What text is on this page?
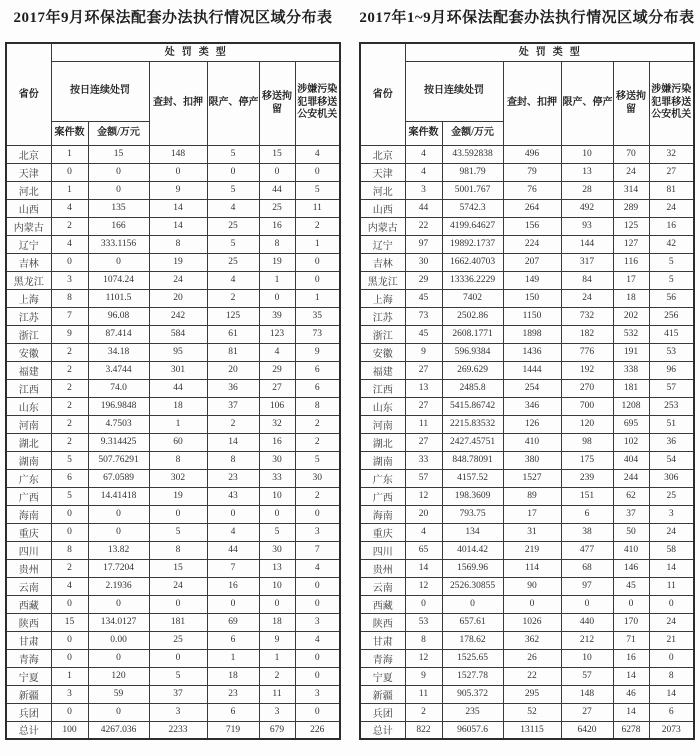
2017年9月环保法配套办法执行情况区域分布表
省份	处罚类型					
	按日连续处罚		查封、扣押	限产、停产	移送拘留	涉嫌污染犯罪移送公安机关
	案件数	金额/万元				
北京	1	15	148	5	15	4
天津	0	0	0	0	0	0
河北	1	0	9	5	44	5
山西	4	135	14	4	25	11
内蒙古	2	166	14	25	16	2
辽宁	4	333.1156	8	5	8	1
吉林	0	0	19	25	19	0
黑龙江	3	1074.24	24	4	1	0
上海	8	1101.5	20	2	0	1
江苏	7	96.08	242	125	39	35
浙江	9	87.414	584	61	123	73
安徽	2	34.18	95	81	4	9
福建	2	3.4744	301	20	29	6
江西	2	74.0	44	36	27	6
山东	2	196.9848	18	37	106	8
河南	2	4.7503	1	2	32	2
湖北	2	9.314425	60	14	16	2
湖南	5	507.76291	8	8	30	5
广东	6	67.0589	302	23	33	30
广西	5	14.41418	19	43	10	2
海南	0	0	0	0	0	0
重庆	0	0	5	4	5	3
四川	8	13.82	8	44	30	7
贵州	2	17.7204	15	7	13	4
云南	4	2.1936	24	16	10	0
西藏	0	0	0	0	0	0
陕西	15	134.0127	181	69	18	3
甘肃	0	0.00	25	6	9	4
青海	0	0	0	1	1	0
宁夏	1	120	5	18	2	0
新疆	3	59	37	23	11	3
兵团	0	0	3	6	3	0
总计	100	4267.036	2233	719	679	226
2017年1~9月环保法配套办法执行情况区域分布表
省份	处罚类型					
	按日连续处罚		查封、扣押	限产、停产	移送拘留	涉嫌污染犯罪移送公安机关
	案件数	金额/万元				
北京	4	43.592838	496	10	70	32
天津	4	981.79	79	13	24	27
河北	3	5001.767	76	28	314	81
山西	44	5742.3	264	492	289	24
内蒙古	22	4199.64627	156	93	125	16
辽宁	97	19892.1737	224	144	127	42
吉林	30	1662.40703	207	317	116	5
黑龙江	29	13336.2229	149	84	17	5
上海	45	7402	150	24	18	56
江苏	73	2502.86	1150	732	202	256
浙江	45	2608.1771	1898	182	532	415
安徽	9	596.9384	1436	776	191	53
福建	27	269.629	1444	192	338	96
江西	13	2485.8	254	270	181	57
山东	27	5415.86742	346	700	1208	253
河南	11	2215.83532	126	120	695	51
湖北	27	2427.45751	410	98	102	36
湖南	33	848.78091	380	175	404	54
广东	57	4157.52	1527	239	244	306
广西	12	198.3609	89	151	62	25
海南	20	793.75	17	6	37	3
重庆	4	134	31	38	50	24
四川	65	4014.42	219	477	410	58
贵州	14	1569.96	114	68	146	14
云南	12	2526.30855	90	97	45	11
西藏	0	0	0	0	0	0
陕西	53	657.61	1026	440	170	24
甘肃	8	178.62	362	212	71	21
青海	12	1525.65	26	10	16	0
宁夏	9	1527.78	22	57	14	8
新疆	11	905.372	295	148	46	14
兵团	2	235	52	27	14	6
总计	822	96057.6	13115	6420	6278	2073
